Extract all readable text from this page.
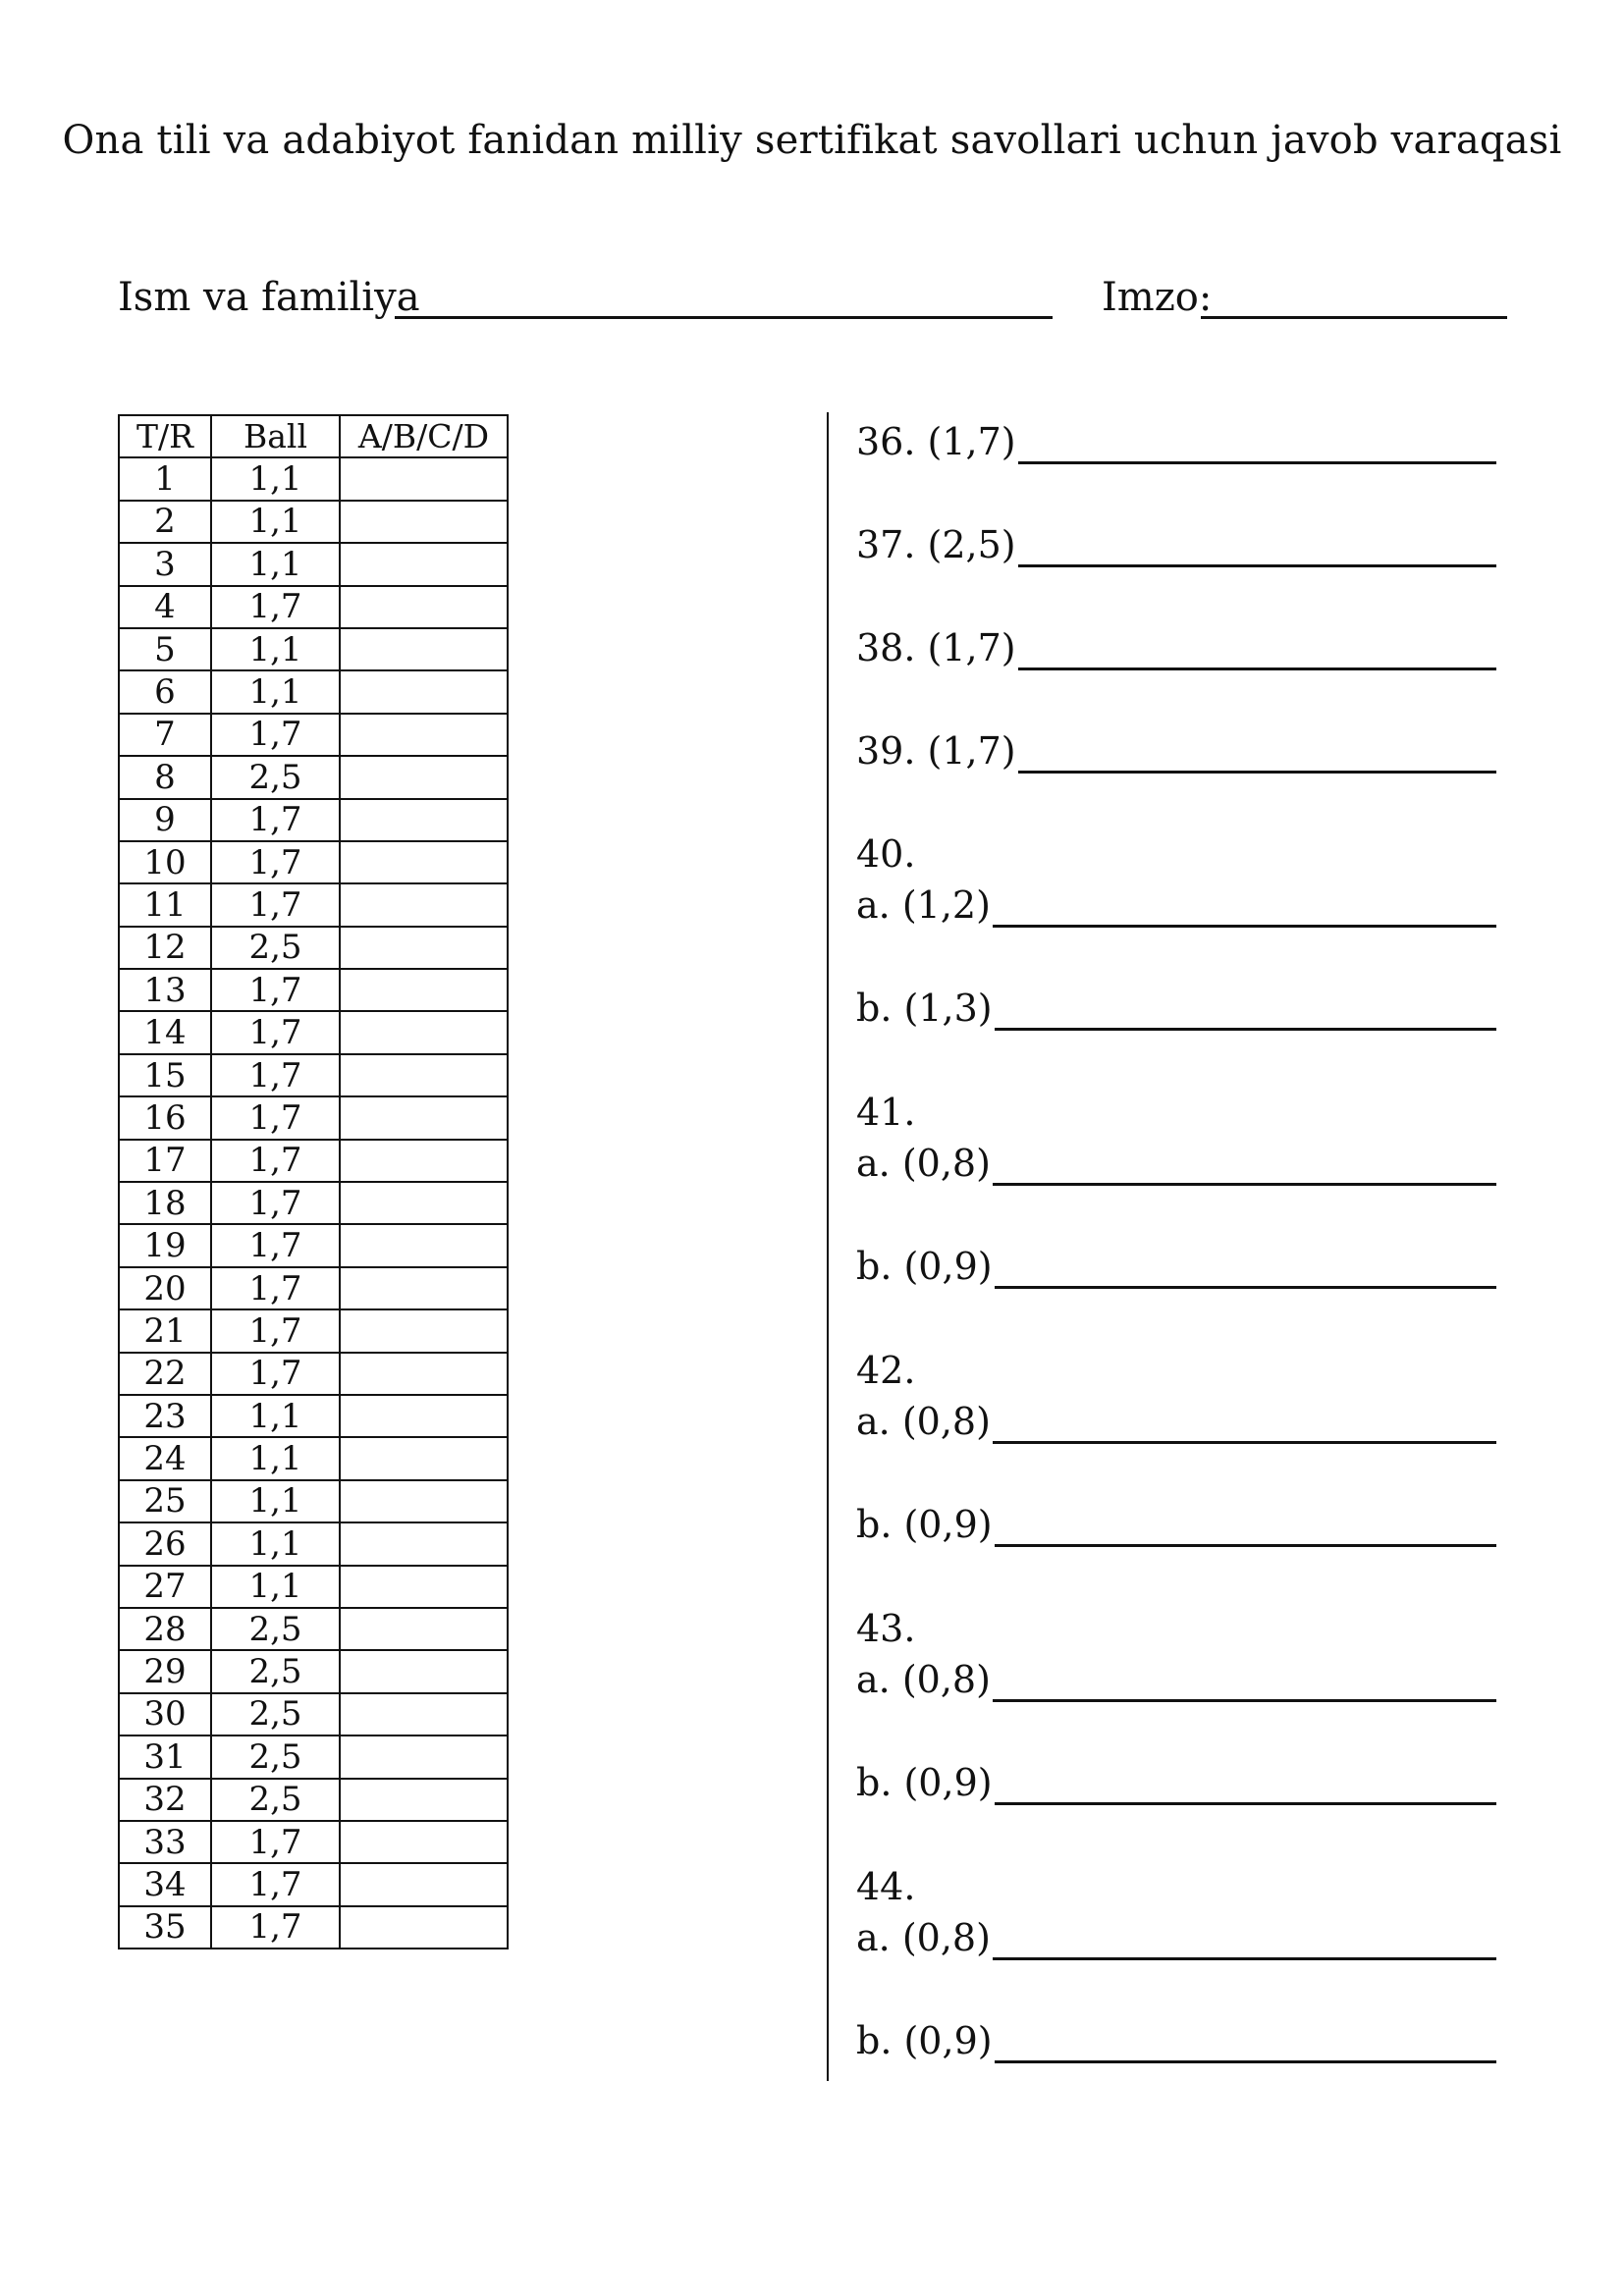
Ona tili va adabiyot fanidan milliy sertifikat savollari uchun javob varaqasi
Ism va familiya	Imzo:
T/R	Ball	A/B/C/D
1	1,1	
2	1,1	
3	1,1	
4	1,7	
5	1,1	
6	1,1	
7	1,7	
8	2,5	
9	1,7	
10	1,7	
11	1,7	
12	2,5	
13	1,7	
14	1,7	
15	1,7	
16	1,7	
17	1,7	
18	1,7	
19	1,7	
20	1,7	
21	1,7	
22	1,7	
23	1,1	
24	1,1	
25	1,1	
26	1,1	
27	1,1	
28	2,5	
29	2,5	
30	2,5	
31	2,5	
32	2,5	
33	1,7	
34	1,7	
35	1,7	
36. (1,7)
37. (2,5)
38. (1,7)
39. (1,7)
40.
a. (1,2)
b. (1,3)
41.
a. (0,8)
b. (0,9)
42.
a. (0,8)
b. (0,9)
43.
a. (0,8)
b. (0,9)
44.
a. (0,8)
b. (0,9)
